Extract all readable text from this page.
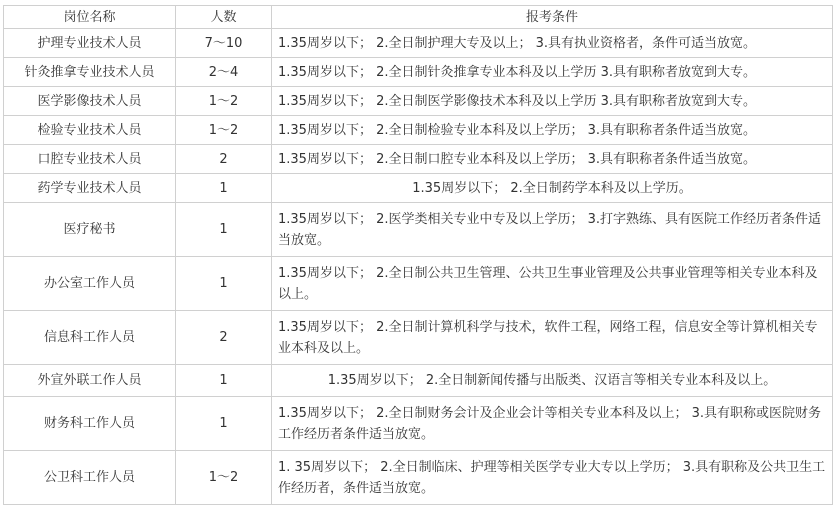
岗位名称	人数	报考条件
护理专业技术人员	7～10	1.35周岁以下； 2.全日制护理大专及以上； 3.具有执业资格者，条件可适当放宽。
针灸推拿专业技术人员	2～4	1.35周岁以下； 2.全日制针灸推拿专业本科及以上学历 3.具有职称者放宽到大专。
医学影像技术人员	1～2	1.35周岁以下； 2.全日制医学影像技术本科及以上学历 3.具有职称者放宽到大专。
检验专业技术人员	1～2	1.35周岁以下； 2.全日制检验专业本科及以上学历； 3.具有职称者条件适当放宽。
口腔专业技术人员	2	1.35周岁以下； 2.全日制口腔专业本科及以上学历； 3.具有职称者条件适当放宽。
药学专业技术人员	1	1.35周岁以下； 2.全日制药学本科及以上学历。
医疗秘书	1	1.35周岁以下； 2.医学类相关专业中专及以上学历； 3.打字熟练、具有医院工作经历者条件适当放宽。
办公室工作人员	1	1.35周岁以下； 2.全日制公共卫生管理、公共卫生事业管理及公共事业管理等相关专业本科及以上。
信息科工作人员	2	1.35周岁以下； 2.全日制计算机科学与技术，软件工程，网络工程，信息安全等计算机相关专业本科及以上。
外宣外联工作人员	1	1.35周岁以下； 2.全日制新闻传播与出版类、汉语言等相关专业本科及以上。
财务科工作人员	1	1.35周岁以下； 2.全日制财务会计及企业会计等相关专业本科及以上； 3.具有职称或医院财务工作经历者条件适当放宽。
公卫科工作人员	1～2	1. 35周岁以下； 2.全日制临床、护理等相关医学专业大专以上学历； 3.具有职称及公共卫生工作经历者，条件适当放宽。
